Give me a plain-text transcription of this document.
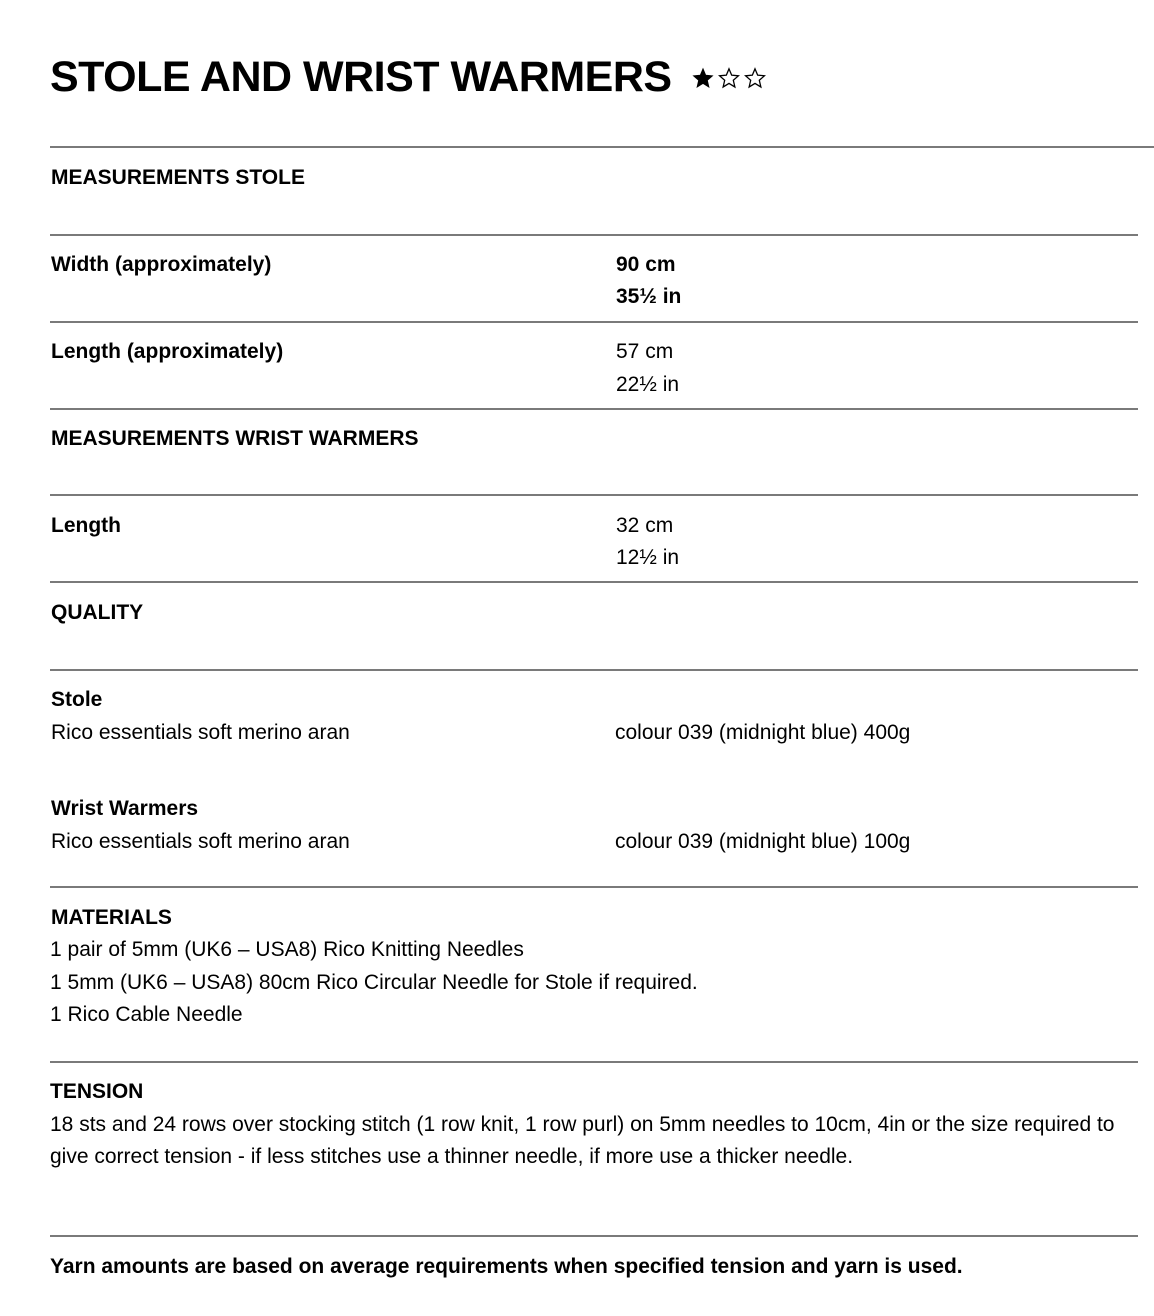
STOLE AND WRIST WARMERS
MEASUREMENTS STOLE
Width (approximately)	90 cm
35½ in
Length (approximately)	57 cm
22½ in
MEASUREMENTS WRIST WARMERS
Length	32 cm
12½ in
QUALITY
Stole
Rico essentials soft merino aran	colour 039 (midnight blue) 400g
Wrist Warmers
Rico essentials soft merino aran	colour 039 (midnight blue) 100g
MATERIALS
1 pair of 5mm (UK6 – USA8) Rico Knitting Needles
1 5mm (UK6 – USA8) 80cm Rico Circular Needle for Stole if required.
1 Rico Cable Needle
TENSION
18 sts and 24 rows over stocking stitch (1 row knit, 1 row purl) on 5mm needles to 10cm, 4in or the size required to give correct tension - if less stitches use a thinner needle, if more use a thicker needle.
Yarn amounts are based on average requirements when specified tension and yarn is used.
